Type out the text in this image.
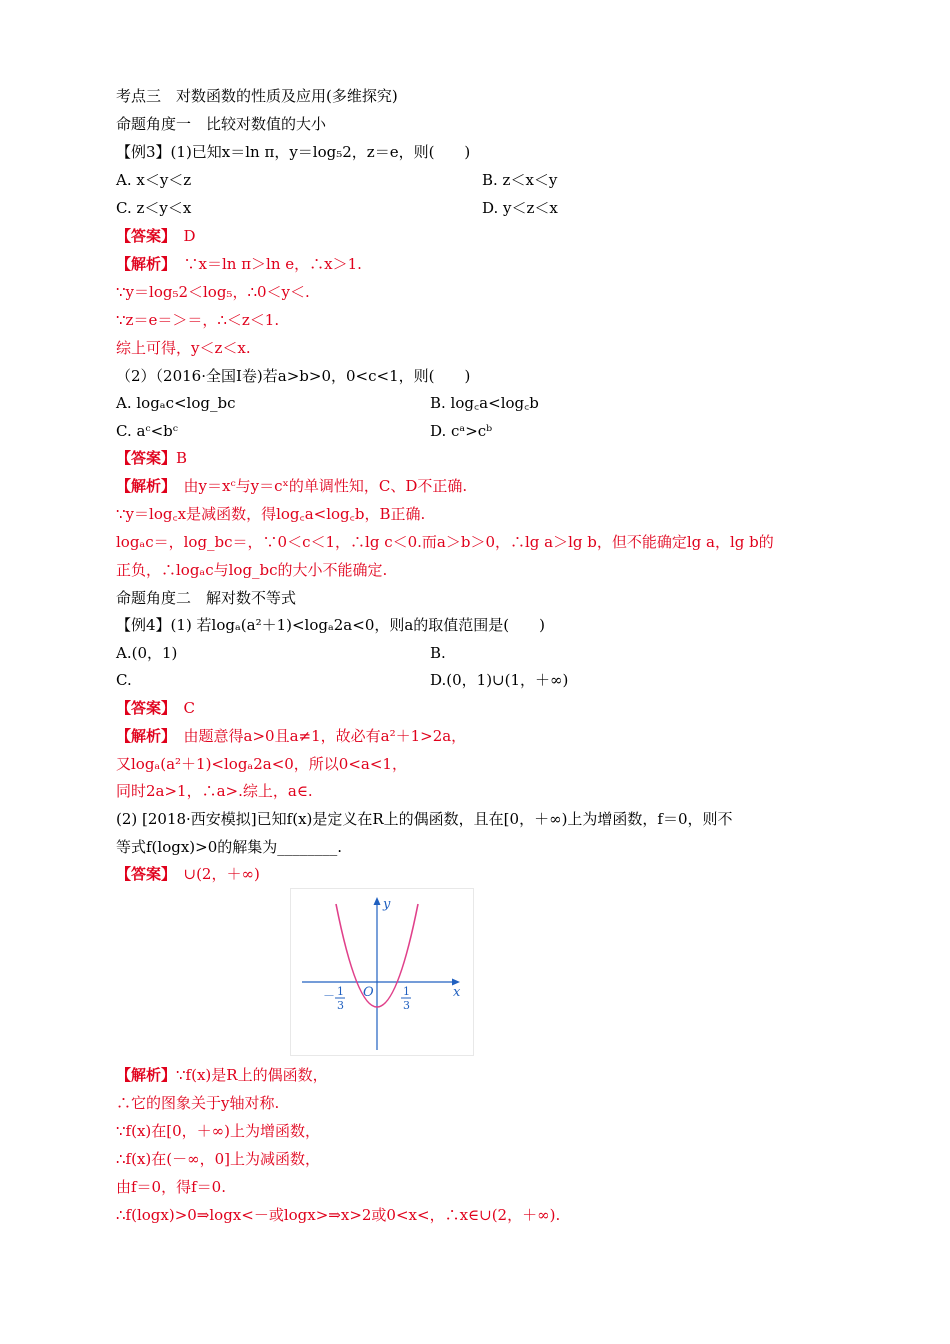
考点三　对数函数的性质及应用(多维探究)
命题角度一　比较对数值的大小
【例3】(1)已知x＝ln π，y＝log₅2，z＝e，则(　　)
A. x＜y＜z	B. z＜x＜y
C. z＜y＜x	D. y＜z＜x
【答案】　D
【解析】　∵x＝ln π＞ln e，∴x＞1.
∵y＝log₅2＜log₅，∴0＜y＜.
∵z＝e＝＞＝，∴＜z＜1.
综上可得，y＜z＜x.
（2）（2016·全国Ⅰ卷)若a>b>0，0<c<1，则(　　)
A. logₐc<log_bc	B. log꜀a<log꜀b
C. aᶜ<bᶜ	D. cᵃ>cᵇ
【答案】B
【解析】　由y＝xᶜ与y＝cˣ的单调性知，C、D不正确.
∵y＝log꜀x是减函数，得log꜀a<log꜀b，B正确.
logₐc＝，log_bc＝，∵0＜c＜1，∴lg c＜0.而a＞b＞0，∴lg a＞lg b，但不能确定lg a，lg b的
正负，∴logₐc与log_bc的大小不能确定.
命题角度二　解对数不等式
【例4】(1) 若logₐ(a²＋1)<logₐ2a<0，则a的取值范围是(　　)
A.(0，1)	B.
C.	D.(0，1)∪(1，＋∞)
【答案】　C
【解析】　由题意得a>0且a≠1，故必有a²＋1>2a，
又logₐ(a²＋1)<logₐ2a<0，所以0<a<1，
同时2a>1，∴a>.综上，a∈.
(2) [2018·西安模拟]已知f(x)是定义在R上的偶函数，且在[0，＋∞)上为增函数，f＝0，则不
等式f(logx)>0的解集为________.
【答案】　∪(2，＋∞)
y
x
O
－ 1
3
1
3
【解析】∵f(x)是R上的偶函数，
∴它的图象关于y轴对称.
∵f(x)在[0，＋∞)上为增函数，
∴f(x)在(－∞，0]上为减函数，
由f＝0，得f＝0.
∴f(logx)>0⇒logx<－或logx>⇒x>2或0<x<，∴x∈∪(2，＋∞).
